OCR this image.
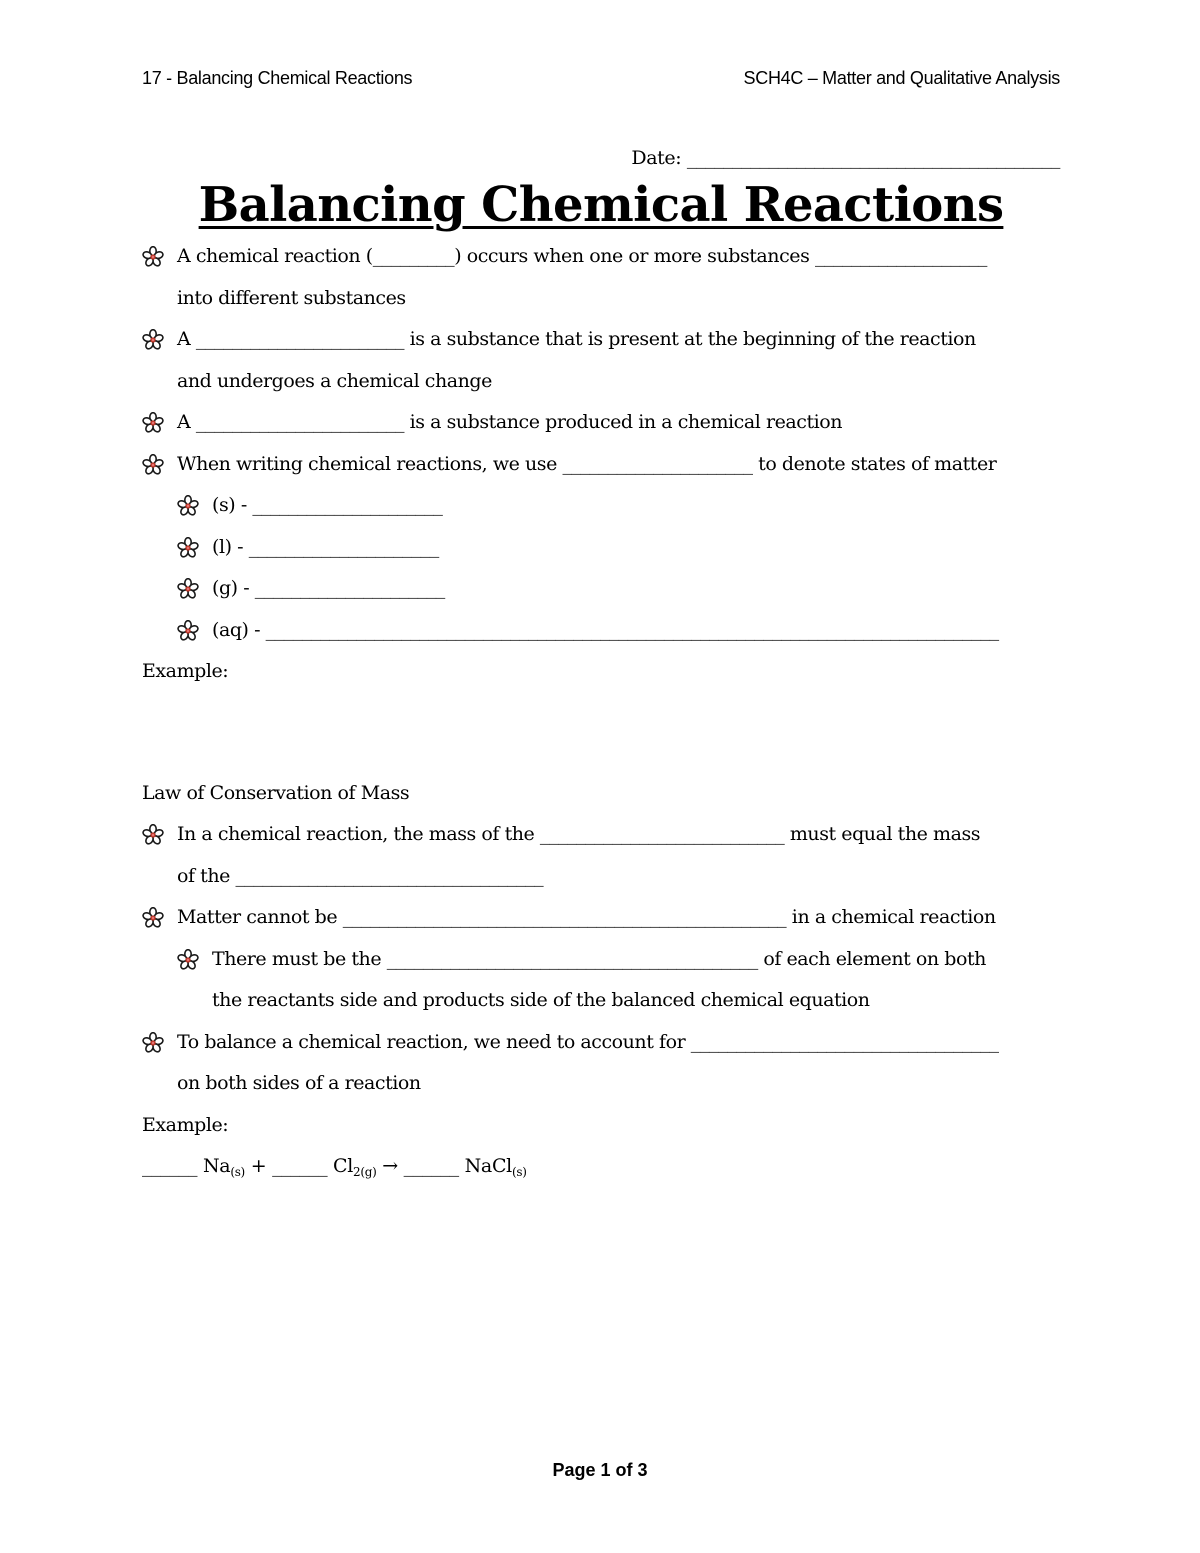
17 - Balancing Chemical Reactions	SCH4C – Matter and Qualitative Analysis
Date: _________________________________________
Balancing Chemical Reactions
A chemical reaction (_________) occurs when one or more substances ___________________
into different substances
A _______________________ is a substance that is present at the beginning of the reaction
and undergoes a chemical change
A _______________________ is a substance produced in a chemical reaction
When writing chemical reactions, we use _____________________ to denote states of matter
(s) - _____________________
(l) - _____________________
(g) - _____________________
(aq) - _________________________________________________________________________________
Example:
Law of Conservation of Mass
In a chemical reaction, the mass of the ___________________________ must equal the mass
of the __________________________________
Matter cannot be _________________________________________________ in a chemical reaction
There must be the _________________________________________ of each element on both
the reactants side and products side of the balanced chemical equation
To balance a chemical reaction, we need to account for __________________________________
on both sides of a reaction
Example:
______ $Na_{(s)}$ + ______ $Cl_{2(g)}$ → ______ NaCl$_{(s)}$
Page 1 of 3
